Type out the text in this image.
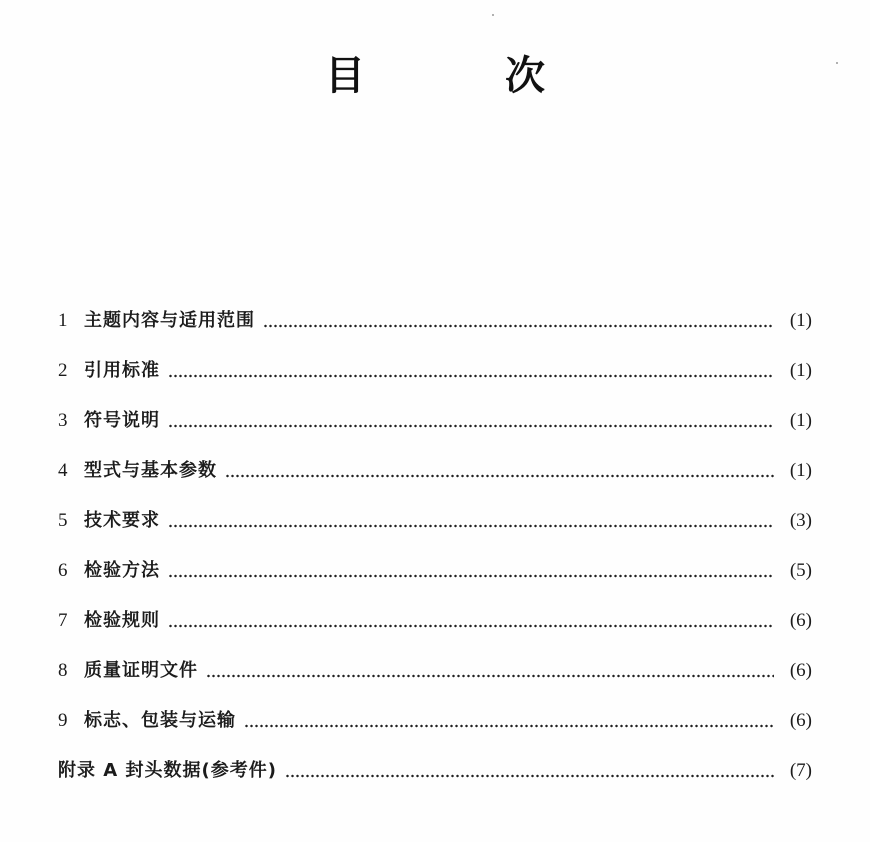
目　次
1 主题内容与适用范围	(1)
2 引用标准	(1)
3 符号说明	(1)
4 型式与基本参数	(1)
5 技术要求	(3)
6 检验方法	(5)
7 检验规则	(6)
8 质量证明文件	(6)
9 标志、包装与运输	(6)
附录 A 封头数据(参考件)	(7)
